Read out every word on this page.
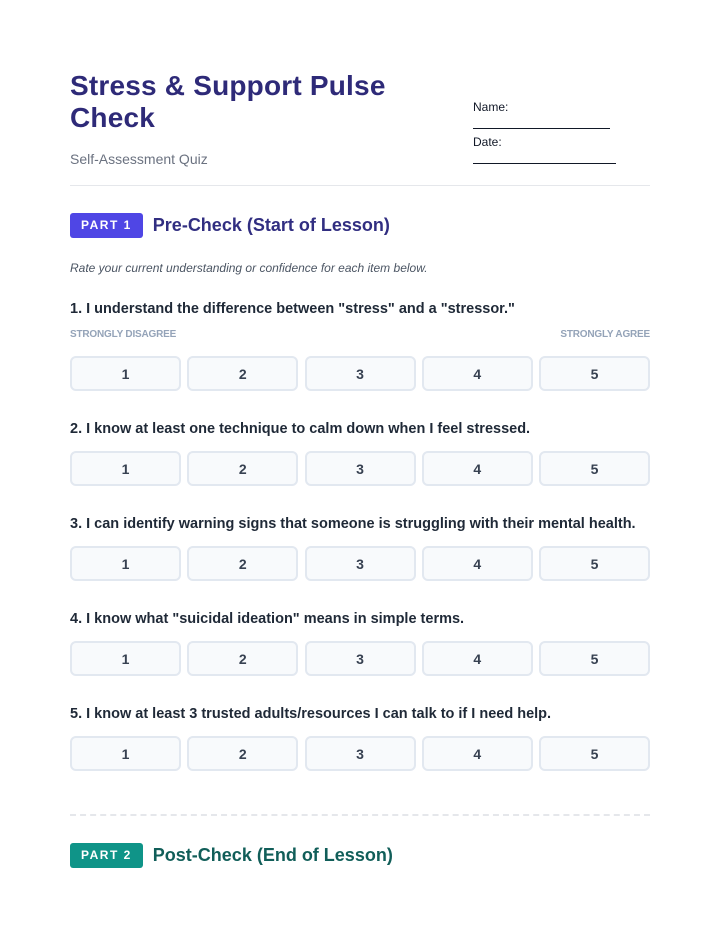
Stress & Support Pulse Check
Self-Assessment Quiz
Name:
Date:
PART 1	Pre-Check (Start of Lesson)
Rate your current understanding or confidence for each item below.
1. I understand the difference between "stress" and a "stressor."
STRONGLY DISAGREE	STRONGLY AGREE
1	2	3	4	5
2. I know at least one technique to calm down when I feel stressed.
1	2	3	4	5
3. I can identify warning signs that someone is struggling with their mental health.
1	2	3	4	5
4. I know what "suicidal ideation" means in simple terms.
1	2	3	4	5
5. I know at least 3 trusted adults/resources I can talk to if I need help.
1	2	3	4	5
PART 2	Post-Check (End of Lesson)
